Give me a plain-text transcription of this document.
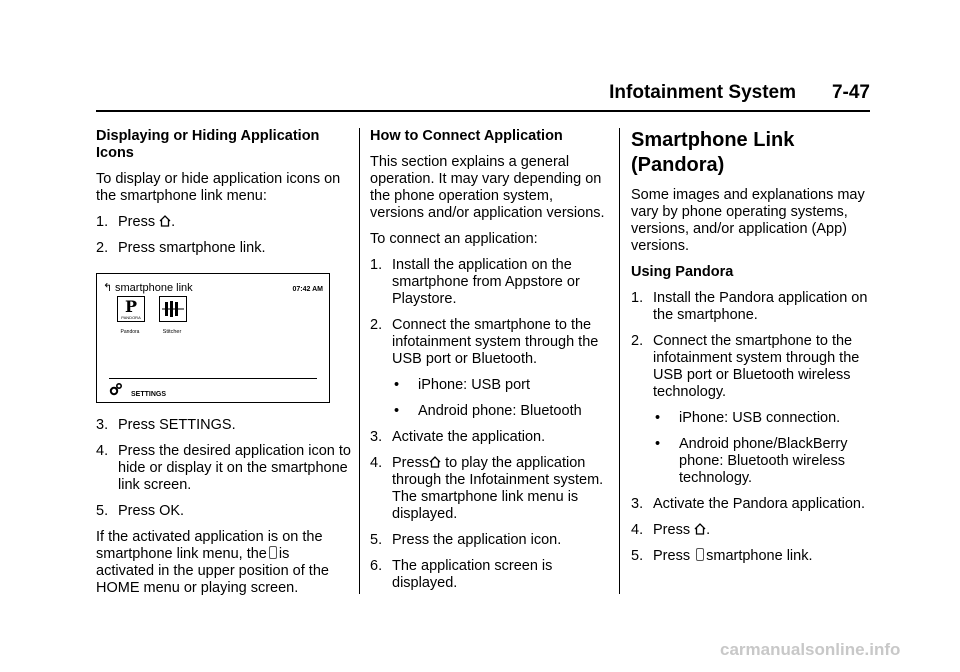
Infotainment System 7-47

Displaying or Hiding Application Icons

To display or hide application icons on the smartphone link menu:

1. Press .
2. Press smartphone link.
↰ smartphone link	07:42 AM
P
PANDORA
Pandora	Stitcher
SETTINGS
3. Press SETTINGS.
4. Press the desired application icon to hide or display it on the smartphone link screen.
5. Press OK.

If the activated application is on the smartphone link menu, the is activated in the upper position of the HOME menu or playing screen.

How to Connect Application

This section explains a general operation. It may vary depending on the phone operation system, versions and/or application versions.

To connect an application:

1. Install the application on the smartphone from Appstore or Playstore.
2. Connect the smartphone to the infotainment system through the USB port or Bluetooth.
•	iPhone: USB port
•	Android phone: Bluetooth
3. Activate the application.
4. Press to play the application through the Infotainment system. The smartphone link menu is displayed.
5. Press the application icon.
6. The application screen is displayed.

Smartphone Link (Pandora)

Some images and explanations may vary by phone operating systems, versions, and/or application (App) versions.

Using Pandora

1. Install the Pandora application on the smartphone.
2. Connect the smartphone to the infotainment system through the USB port or Bluetooth wireless technology.
•	iPhone: USB connection.
•	Android phone/BlackBerry phone: Bluetooth wireless technology.
3. Activate the Pandora application.
4. Press .
5. Press smartphone link.
carmanualsonline.info
